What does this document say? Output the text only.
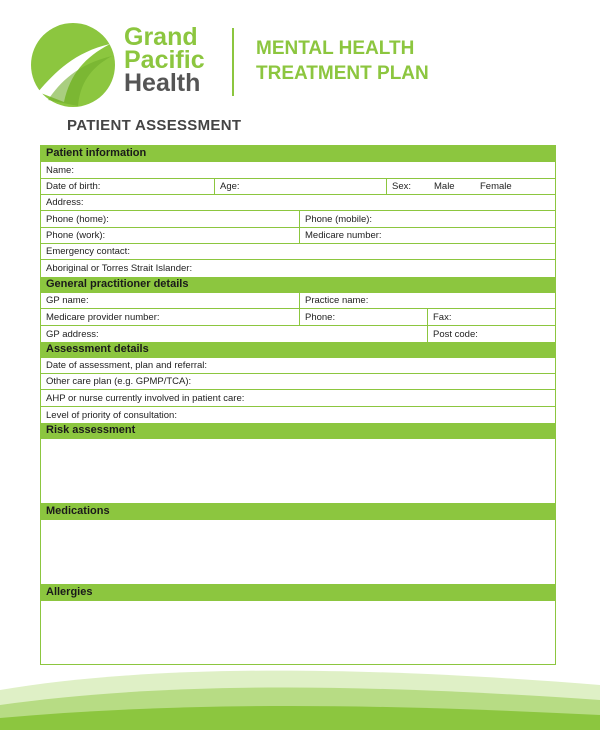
Grand
Pacific
Health
MENTAL HEALTH
TREATMENT PLAN
PATIENT ASSESSMENT
Patient information
Name:
Date of birth:	Age:	Sex:	Male	Female
Address:
Phone (home):	Phone (mobile):
Phone (work):	Medicare number:
Emergency contact:
Aboriginal or Torres Strait Islander:
General practitioner details
GP name:	Practice name:
Medicare provider number:	Phone:	Fax:
GP address:	Post code:
Assessment details
Date of assessment, plan and referral:
Other care plan (e.g. GPMP/TCA):
AHP or nurse currently involved in patient care:
Level of priority of consultation:
Risk assessment
Medications
Allergies
